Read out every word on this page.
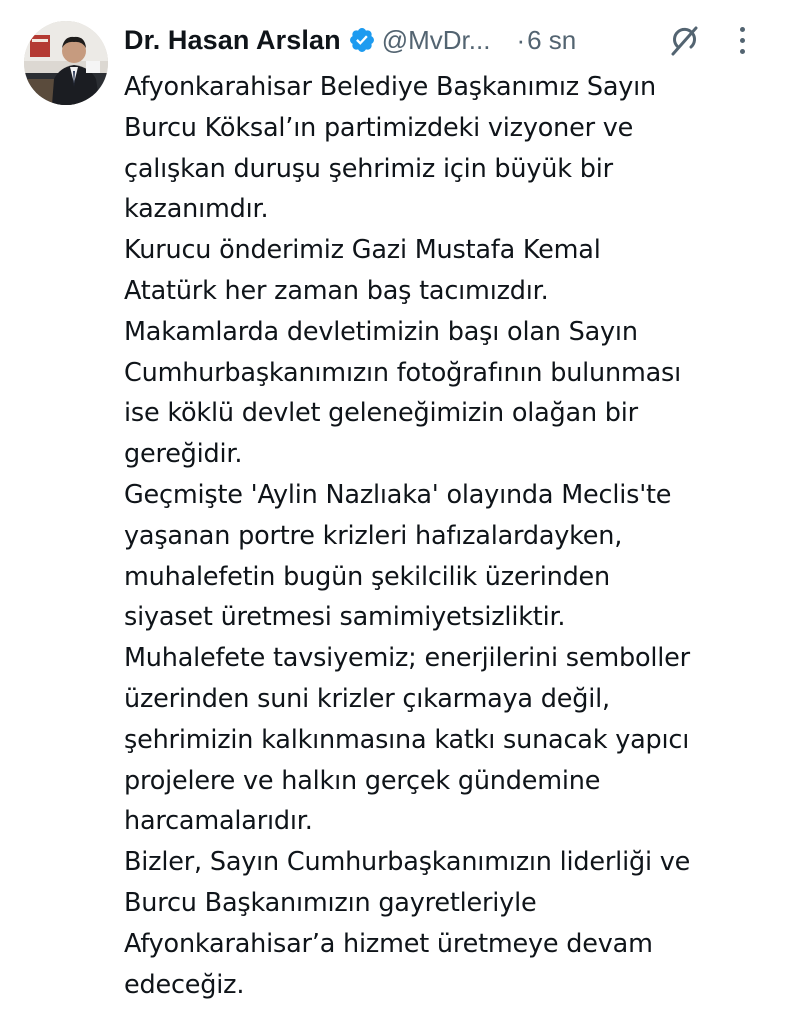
Dr. Hasan Arslan @MvDr... · 6 sn
Afyonkarahisar Belediye Başkanımız Sayın
Burcu Köksal’ın partimizdeki vizyoner ve
çalışkan duruşu şehrimiz için büyük bir
kazanımdır.
Kurucu önderimiz Gazi Mustafa Kemal
Atatürk her zaman baş tacımızdır.
Makamlarda devletimizin başı olan Sayın
Cumhurbaşkanımızın fotoğrafının bulunması
ise köklü devlet geleneğimizin olağan bir
gereğidir.
Geçmişte 'Aylin Nazlıaka' olayında Meclis'te
yaşanan portre krizleri hafızalardayken,
muhalefetin bugün şekilcilik üzerinden
siyaset üretmesi samimiyetsizliktir.
Muhalefete tavsiyemiz; enerjilerini semboller
üzerinden suni krizler çıkarmaya değil,
şehrimizin kalkınmasına katkı sunacak yapıcı
projelere ve halkın gerçek gündemine
harcamalarıdır.
Bizler, Sayın Cumhurbaşkanımızın liderliği ve
Burcu Başkanımızın gayretleriyle
Afyonkarahisar’a hizmet üretmeye devam
edeceğiz.
